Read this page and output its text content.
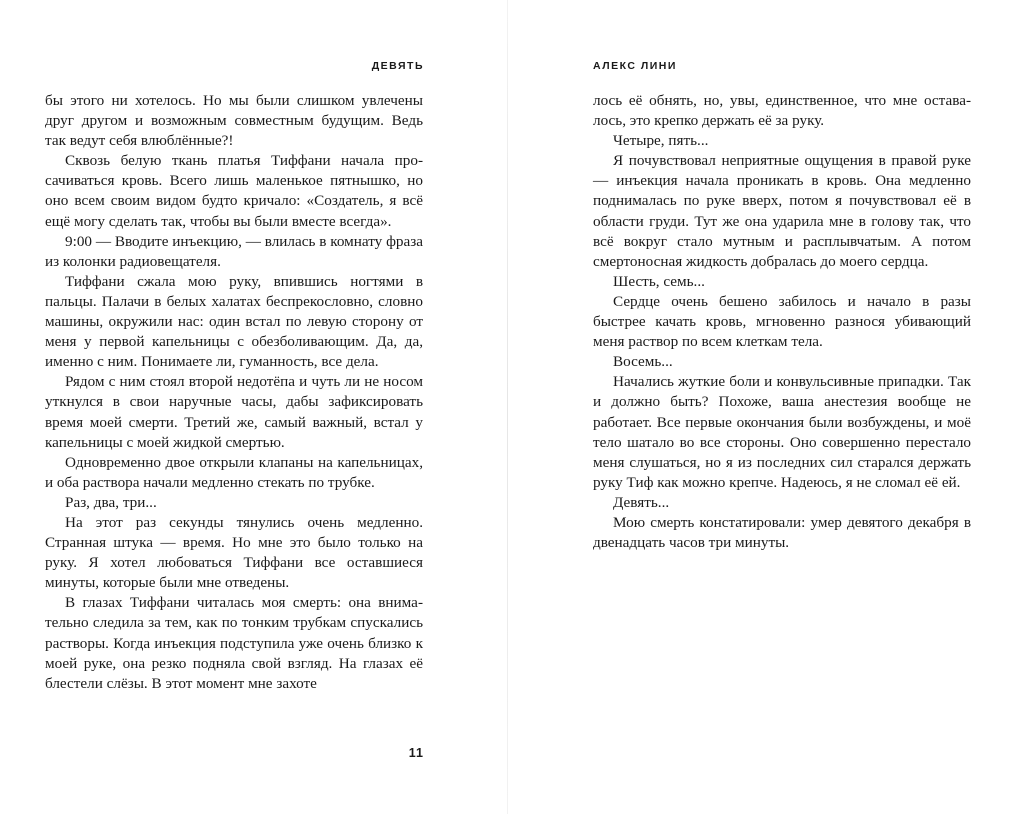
ДЕВЯТЬ

бы этого ни хотелось. Но мы были слишком увлечены друг другом и возможным совместным будущим. Ведь так ведут себя влюблённые?!

Сквозь белую ткань платья Тиффани начала просачиваться кровь. Всего лишь маленькое пятнышко, но оно всем своим видом будто кричало: «Создатель, я всё ещё могу сделать так, чтобы вы были вместе всегда».

9:00 — Вводите инъекцию, — влилась в комнату фраза из колонки радиовещателя.

Тиффани сжала мою руку, впившись ногтями в пальцы. Палачи в белых халатах беспрекословно, словно машины, окружили нас: один встал по левую сторону от меня у первой капельницы с обезболивающим. Да, да, именно с ним. Понимаете ли, гуманность, все дела.

Рядом с ним стоял второй недотёпа и чуть ли не носом уткнулся в свои наручные часы, дабы зафиксировать время моей смерти. Третий же, самый важный, встал у капельницы с моей жидкой смертью.

Одновременно двое открыли клапаны на капельницах, и оба раствора начали медленно стекать по трубке.

Раз, два, три...

На этот раз секунды тянулись очень медленно. Странная штука — время. Но мне это было только на руку. Я хотел любоваться Тиффани все оставшиеся минуты, которые были мне отведены.

В глазах Тиффани читалась моя смерть: она внимательно следила за тем, как по тонким трубкам спускались растворы. Когда инъекция подступила уже очень близко к моей руке, она резко подняла свой взгляд. На глазах её блестели слёзы. В этот момент мне захоте

11
АЛЕКС ЛИНИ

лось её обнять, но, увы, единственное, что мне оставалось, это крепко держать её за руку.

Четыре, пять...

Я почувствовал неприятные ощущения в правой руке — инъекция начала проникать в кровь. Она медленно поднималась по руке вверх, потом я почувствовал её в области груди. Тут же она ударила мне в голову так, что всё вокруг стало мутным и расплывчатым. А потом смертоносная жидкость добралась до моего сердца.

Шесть, семь...

Сердце очень бешено забилось и начало в разы быстрее качать кровь, мгновенно разнося убивающий меня раствор по всем клеткам тела.

Восемь...

Начались жуткие боли и конвульсивные припадки. Так и должно быть? Похоже, ваша анестезия вообще не работает. Все первые окончания были возбуждены, и моё тело шатало во все стороны. Оно совершенно перестало меня слушаться, но я из последних сил старался держать руку Тиф как можно крепче. Надеюсь, я не сломал её ей.

Девять...

Мою смерть констатировали: умер девятого декабря в двенадцать часов три минуты.
